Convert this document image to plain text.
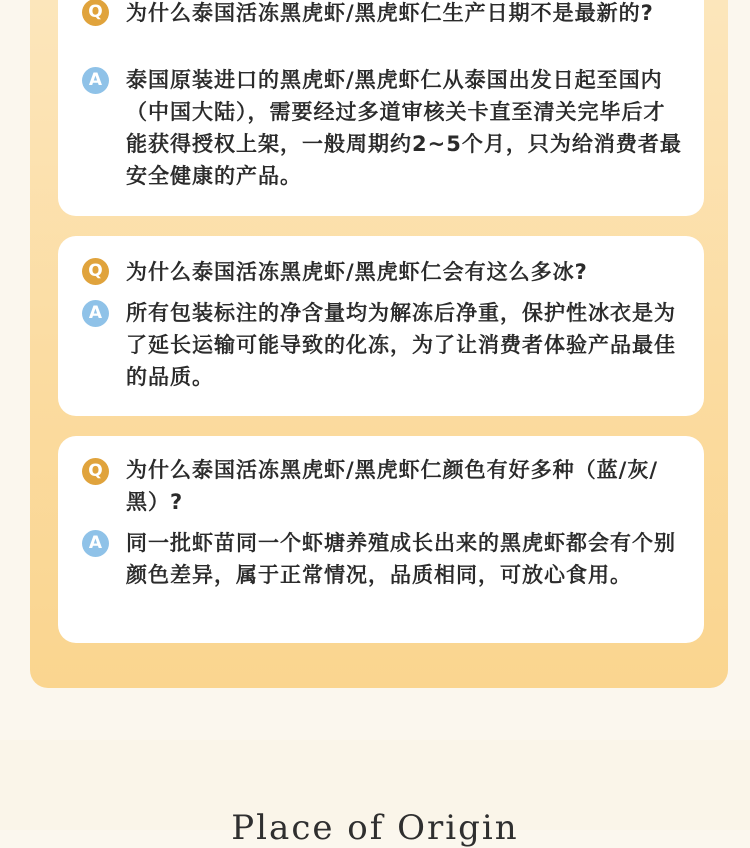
Q 为什么泰国活冻黑虎虾/黑虎虾仁生产日期不是最新的?
A	泰国原装进口的黑虎虾/黑虎虾仁从泰国出发日起至国内（中国大陆），需要经过多道审核关卡直至清关完毕后才能获得授权上架，一般周期约2~5个月，只为给消费者最安全健康的产品。
Q 为什么泰国活冻黑虎虾/黑虎虾仁会有这么多冰?
A	所有包装标注的净含量均为解冻后净重，保护性冰衣是为了延长运输可能导致的化冻，为了让消费者体验产品最佳的品质。
Q 为什么泰国活冻黑虎虾/黑虎虾仁颜色有好多种（蓝/灰/黑）?
A	同一批虾苗同一个虾塘养殖成长出来的黑虎虾都会有个别颜色差异，属于正常情况，品质相同，可放心食用。
Place of Origin
